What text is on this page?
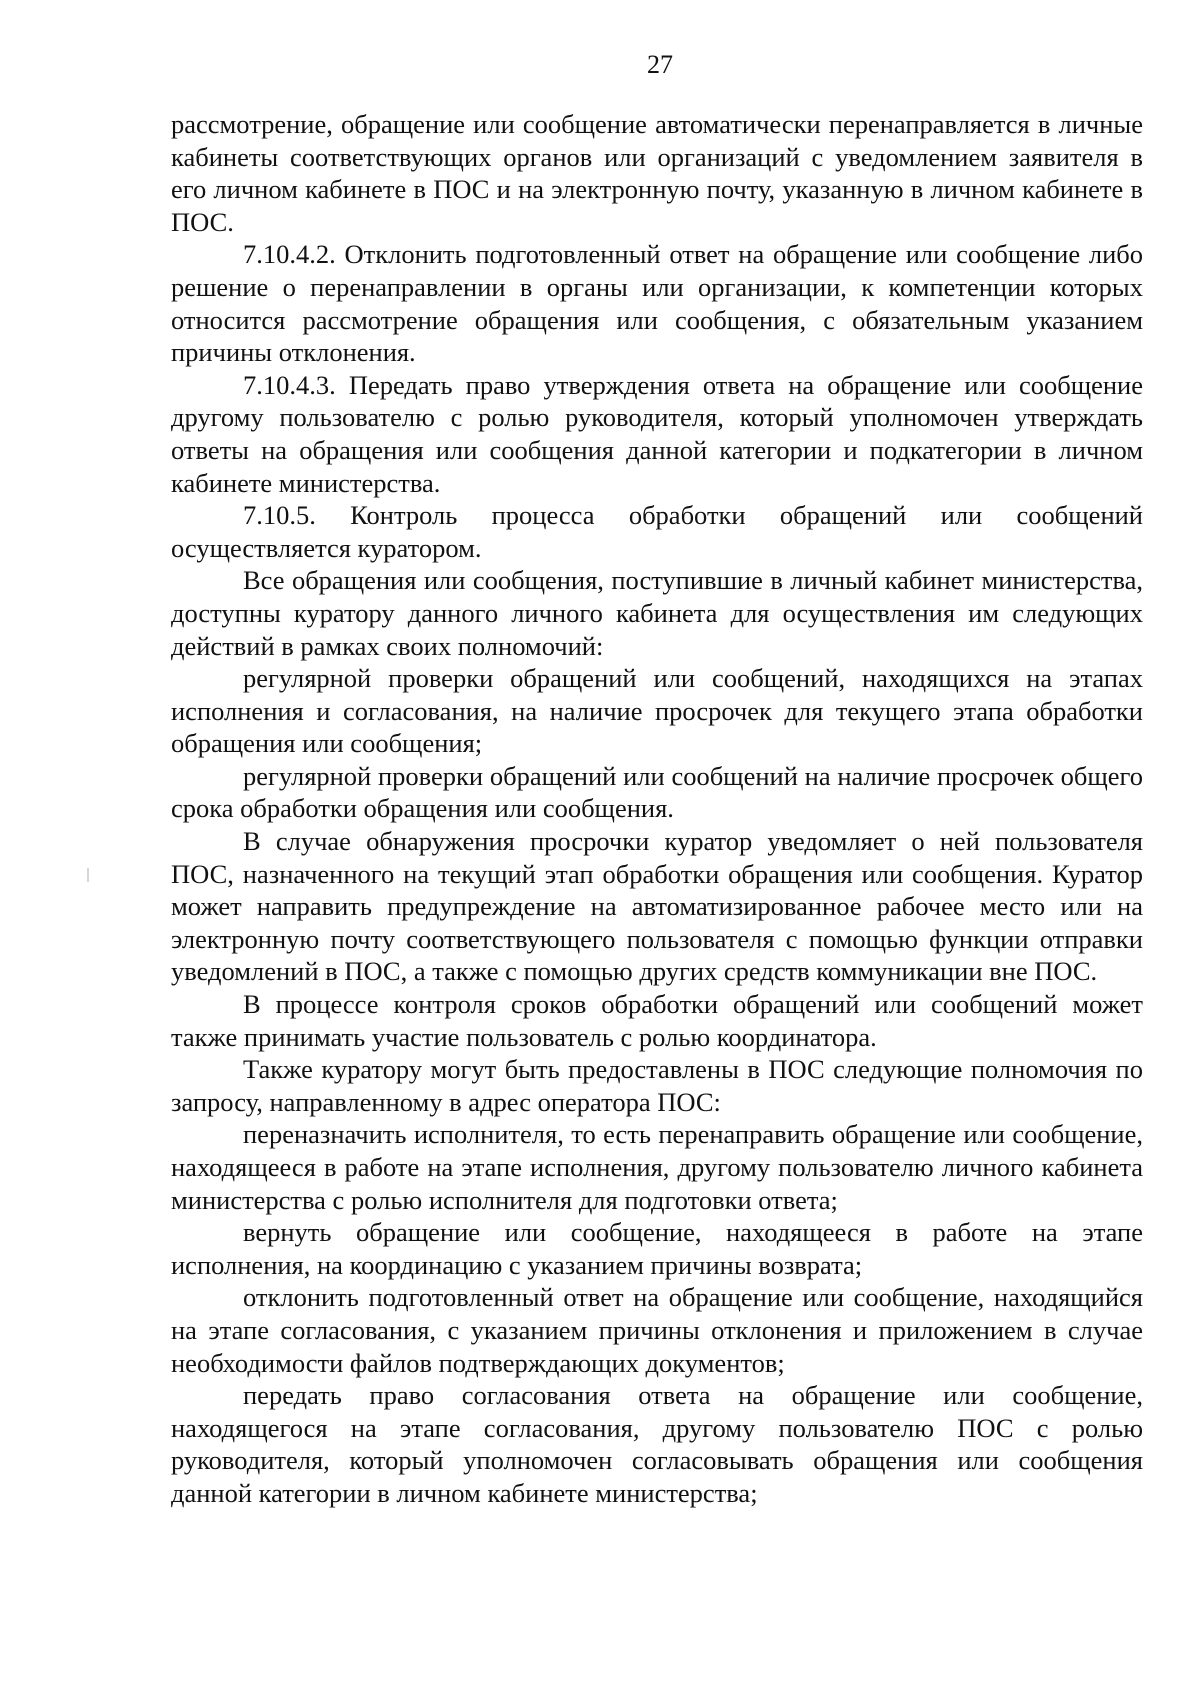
27

рассмотрение, обращение или сообщение автоматически перенаправляется в личные кабинеты соответствующих органов или организаций с уведомлением заявителя в его личном кабинете в ПОС и на электронную почту, указанную в личном кабинете в ПОС.

7.10.4.2. Отклонить подготовленный ответ на обращение или сообщение либо решение о перенаправлении в органы или организации, к компетенции которых относится рассмотрение обращения или сообщения, с обязательным указанием причины отклонения.

7.10.4.3. Передать право утверждения ответа на обращение или сообщение другому пользователю с ролью руководителя, который уполномочен утверждать ответы на обращения или сообщения данной категории и подкатегории в личном кабинете министерства.

7.10.5. Контроль процесса обработки обращений или сообщений осуществляется куратором.

Все обращения или сообщения, поступившие в личный кабинет министерства, доступны куратору данного личного кабинета для осуществления им следующих действий в рамках своих полномочий:

регулярной проверки обращений или сообщений, находящихся на этапах исполнения и согласования, на наличие просрочек для текущего этапа обработки обращения или сообщения;

регулярной проверки обращений или сообщений на наличие просрочек общего срока обработки обращения или сообщения.

В случае обнаружения просрочки куратор уведомляет о ней пользователя ПОС, назначенного на текущий этап обработки обращения или сообщения. Куратор может направить предупреждение на автоматизированное рабочее место или на электронную почту соответствующего пользователя с помощью функции отправки уведомлений в ПОС, а также с помощью других средств коммуникации вне ПОС.

В процессе контроля сроков обработки обращений или сообщений может также принимать участие пользователь с ролью координатора.

Также куратору могут быть предоставлены в ПОС следующие полномочия по запросу, направленному в адрес оператора ПОС:

переназначить исполнителя, то есть перенаправить обращение или сообщение, находящееся в работе на этапе исполнения, другому пользователю личного кабинета министерства с ролью исполнителя для подготовки ответа;

вернуть обращение или сообщение, находящееся в работе на этапе исполнения, на координацию с указанием причины возврата;

отклонить подготовленный ответ на обращение или сообщение, находящийся на этапе согласования, с указанием причины отклонения и приложением в случае необходимости файлов подтверждающих документов;

передать право согласования ответа на обращение или сообщение, находящегося на этапе согласования, другому пользователю ПОС с ролью руководителя, который уполномочен согласовывать обращения или сообщения данной категории в личном кабинете министерства;
